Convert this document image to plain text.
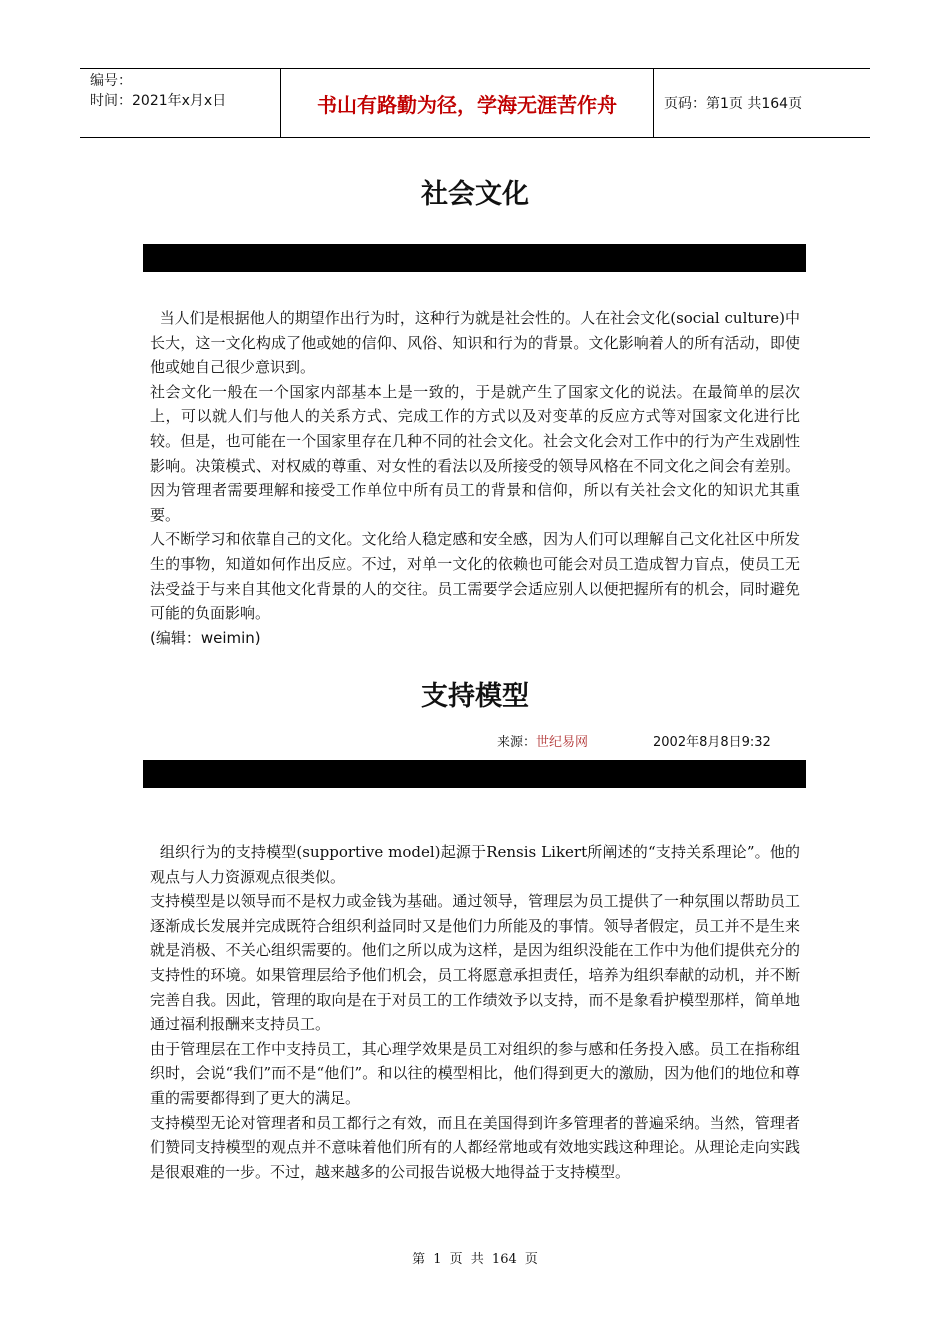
编号：
时间：2021年x月x日	书山有路勤为径，学海无涯苦作舟	页码：第1页 共164页
社会文化

当人们是根据他人的期望作出行为时，这种行为就是社会性的。人在社会文化(social culture)中长大，这一文化构成了他或她的信仰、风俗、知识和行为的背景。文化影响着人的所有活动，即使他或她自己很少意识到。

社会文化一般在一个国家内部基本上是一致的，于是就产生了国家文化的说法。在最简单的层次上，可以就人们与他人的关系方式、完成工作的方式以及对变革的反应方式等对国家文化进行比较。但是，也可能在一个国家里存在几种不同的社会文化。社会文化会对工作中的行为产生戏剧性影响。决策模式、对权威的尊重、对女性的看法以及所接受的领导风格在不同文化之间会有差别。因为管理者需要理解和接受工作单位中所有员工的背景和信仰，所以有关社会文化的知识尤其重要。

人不断学习和依靠自己的文化。文化给人稳定感和安全感，因为人们可以理解自己文化社区中所发生的事物，知道如何作出反应。不过，对单一文化的依赖也可能会对员工造成智力盲点，使员工无法受益于与来自其他文化背景的人的交往。员工需要学会适应别人以便把握所有的机会，同时避免可能的负面影响。

(编辑：weimin)

支持模型
来源：世纪易网	2002年8月8日9:32

组织行为的支持模型(supportive model)起源于Rensis Likert所阐述的“支持关系理论”。他的观点与人力资源观点很类似。

支持模型是以领导而不是权力或金钱为基础。通过领导，管理层为员工提供了一种氛围以帮助员工逐渐成长发展并完成既符合组织利益同时又是他们力所能及的事情。领导者假定，员工并不是生来就是消极、不关心组织需要的。他们之所以成为这样，是因为组织没能在工作中为他们提供充分的支持性的环境。如果管理层给予他们机会，员工将愿意承担责任，培养为组织奉献的动机，并不断完善自我。因此，管理的取向是在于对员工的工作绩效予以支持，而不是象看护模型那样，简单地通过福利报酬来支持员工。

由于管理层在工作中支持员工，其心理学效果是员工对组织的参与感和任务投入感。员工在指称组织时，会说“我们”而不是“他们”。和以往的模型相比，他们得到更大的激励，因为他们的地位和尊重的需要都得到了更大的满足。

支持模型无论对管理者和员工都行之有效，而且在美国得到许多管理者的普遍采纳。当然，管理者们赞同支持模型的观点并不意味着他们所有的人都经常地或有效地实践这种理论。从理论走向实践是很艰难的一步。不过，越来越多的公司报告说极大地得益于支持模型。

第 1 页 共 164 页
